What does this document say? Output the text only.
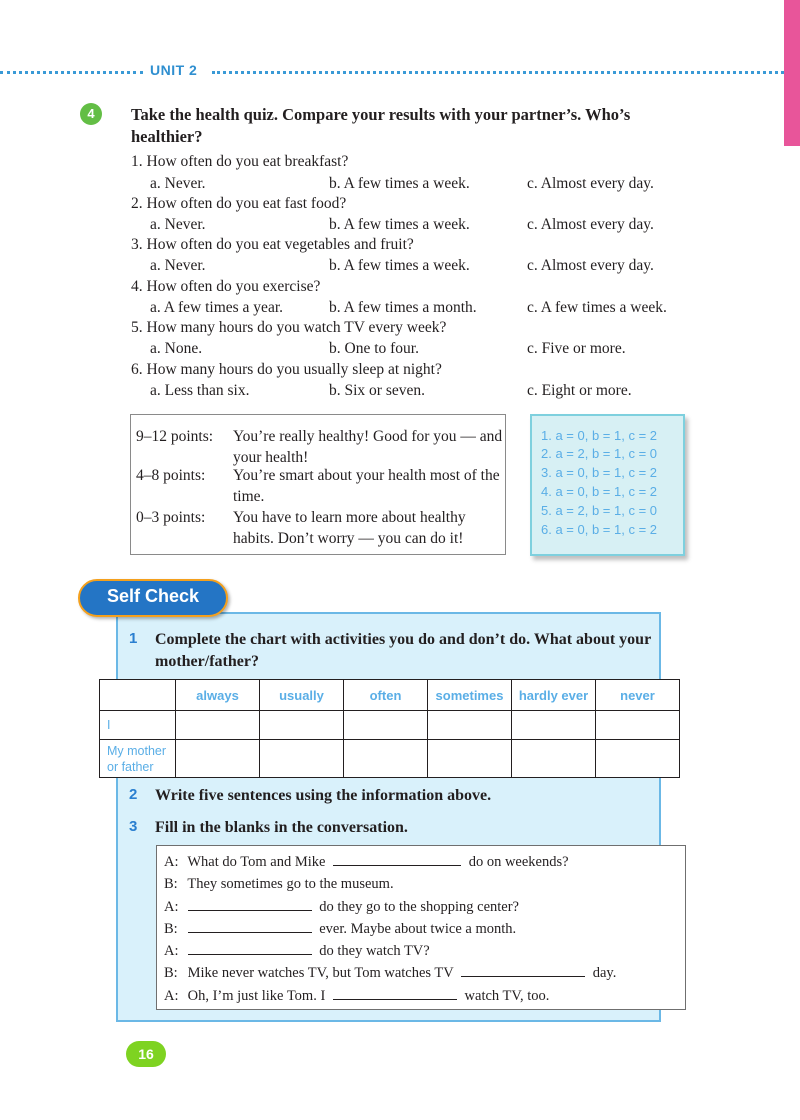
UNIT 2
4	Take the health quiz. Compare your results with your partner’s. Who’s healthier?
1. How often do you eat breakfast?
a. Never.	b. A few times a week.	c. Almost every day.
2. How often do you eat fast food?
a. Never.	b. A few times a week.	c. Almost every day.
3. How often do you eat vegetables and fruit?
a. Never.	b. A few times a week.	c. Almost every day.
4. How often do you exercise?
a. A few times a year.	b. A few times a month.	c. A few times a week.
5. How many hours do you watch TV every week?
a. None.	b. One to four.	c. Five or more.
6. How many hours do you usually sleep at night?
a. Less than six.	b. Six or seven.	c. Eight or more.
9–12 points: You’re really healthy! Good for you — and your health!
4–8 points: You’re smart about your health most of the time.
0–3 points: You have to learn more about healthy habits. Don’t worry — you can do it!
1. a = 0, b = 1, c = 2
2. a = 2, b = 1, c = 0
3. a = 0, b = 1, c = 2
4. a = 0, b = 1, c = 2
5. a = 2, b = 1, c = 0
6. a = 0, b = 1, c = 2
Self Check
1 Complete the chart with activities you do and don’t do. What about your mother/father?
	always	usually	often	sometimes	hardly ever	never
I						
My mother or father						
2 Write five sentences using the information above.
3 Fill in the blanks in the conversation.
A: What do Tom and Mike	do on weekends?
B: They sometimes go to the museum.
A:	do they go to the shopping center?
B:	ever. Maybe about twice a month.
A:	do they watch TV?
B: Mike never watches TV, but Tom watches TV	day.
A: Oh, I’m just like Tom. I	watch TV, too.
16
